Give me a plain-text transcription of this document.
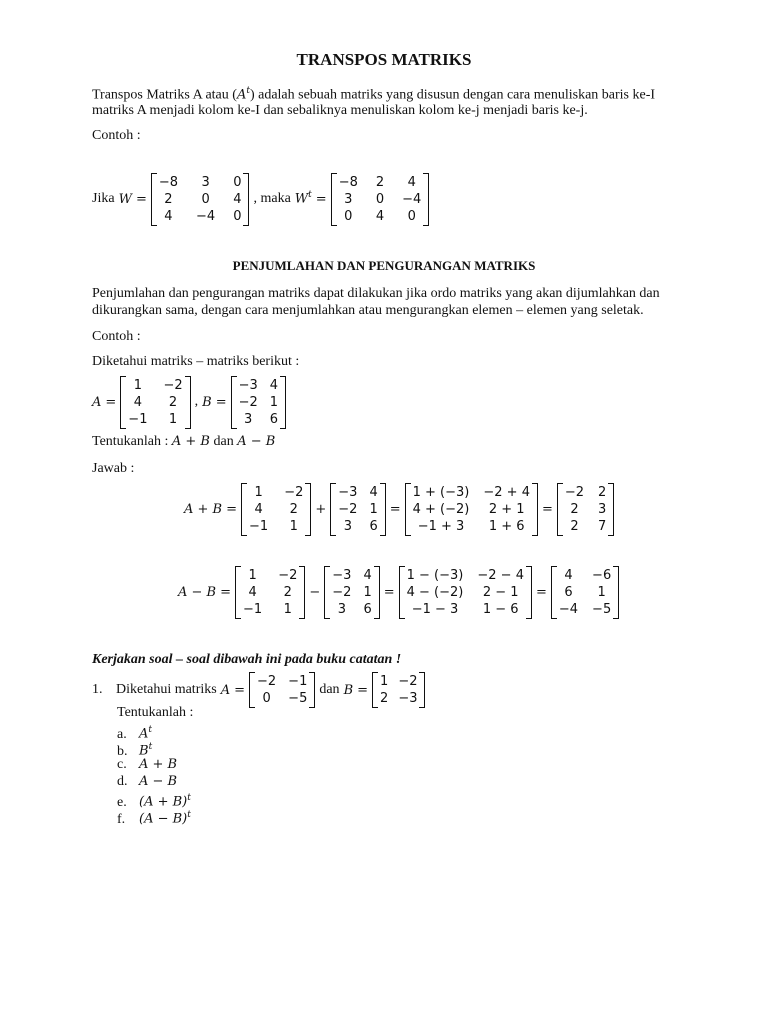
TRANSPOS MATRIKS
Transpos Matriks A atau $(A^t)$ adalah sebuah matriks yang disusun dengan cara menuliskan baris ke-I
matriks A menjadi kolom ke-I dan sebaliknya menuliskan kolom ke-j menjadi baris ke-j.
Contoh :
Jika W =
−8	3	0
2	0	4
4	−4 0
, maka $W^t$ =
−8 2	4
3	0 −4
0	4	0
PENJUMLAHAN DAN PENGURANGAN MATRIKS
Penjumlahan dan pengurangan matriks dapat dilakukan jika ordo matriks yang akan dijumlahkan dan
dikurangkan sama, dengan cara menjumlahkan atau mengurangkan elemen – elemen yang seletak.
Contoh :
Diketahui matriks – matriks berikut :
A =
1	−2
4	2
−1	1
, B =
−3 4
−2 1
3	6
Tentukanlah : A + B dan A − B
Jawab :
A + B =
1	−2
4	2
−1	1
+
−3 4
−2 1
3	6
=
1 + (−3) −2 + 4
4 + (−2)	2 + 1
−1 + 3	1 + 6
=
−2 2
2	3
2	7
A − B =
1	−2
4	2
−1	1
−
−3 4
−2 1
3	6
=
1 − (−3) −2 − 4
4 − (−2)	2 − 1
−1 − 3	1 − 6
=
4	−6
6	1
−4 −5
Kerjakan soal – soal dibawah ini pada buku catatan !
1. Diketahui matriks A =
−2 −1
0	−5
dan B =
1 −2
2 −3
Tentukanlah :
a. $A^t$
b. $B^t$
c. A + B
d. A − B
e. $(A + B)^t$
f. $(A - B)^t$
